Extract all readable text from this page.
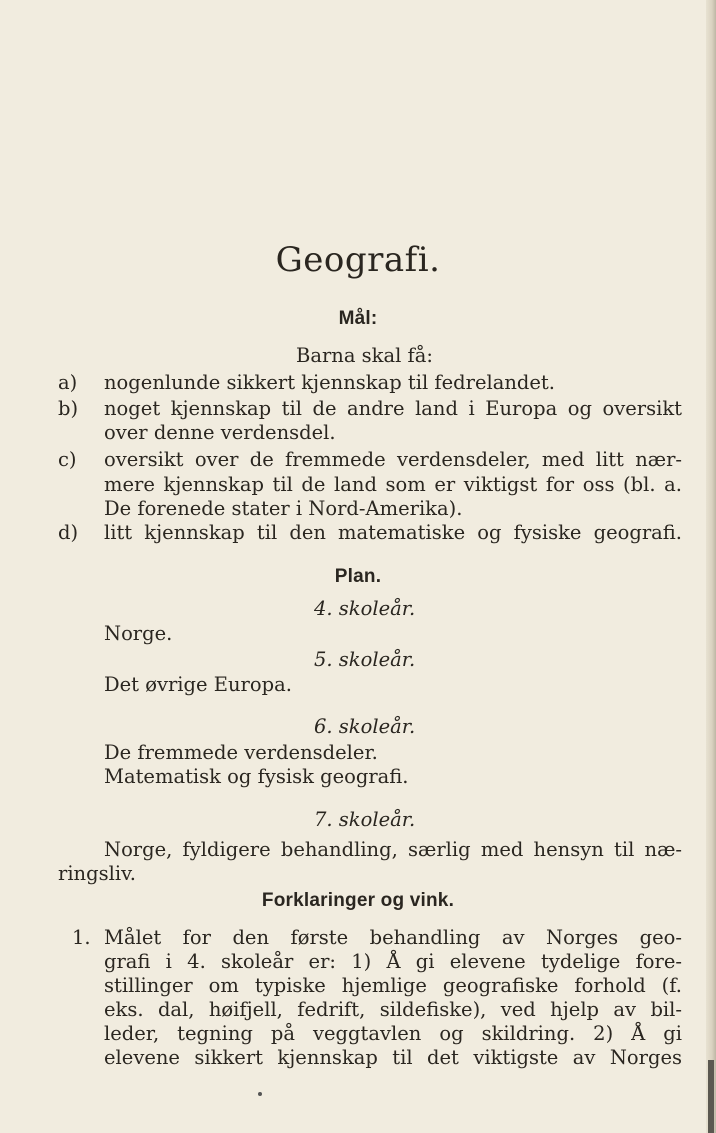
Geografi.
Mål:
Barna skal få:
a) nogenlunde sikkert kjennskap til fedrelandet.
b) noget kjennskap til de andre land i Europa og oversikt
over denne verdensdel.
c) oversikt over de fremmede verdensdeler, med litt nær-
mere kjennskap til de land som er viktigst for oss (bl. a.
De forenede stater i Nord-Amerika).
d) litt kjennskap til den matematiske og fysiske geografi.
Plan.
4. skoleår.
Norge.
5. skoleår.
Det øvrige Europa.
6. skoleår.
De fremmede verdensdeler.
Matematisk og fysisk geografi.
7. skoleår.
Norge, fyldigere behandling, særlig med hensyn til næ-
ringsliv.
Forklaringer og vink.
1. Målet for den første behandling av Norges geo-
grafi i 4. skoleår er: 1) Å gi elevene tydelige fore-
stillinger om typiske hjemlige geografiske forhold (f.
eks. dal, høifjell, fedrift, sildefiske), ved hjelp av bil-
leder, tegning på veggtavlen og skildring. 2) Å gi
elevene sikkert kjennskap til det viktigste av Norges
